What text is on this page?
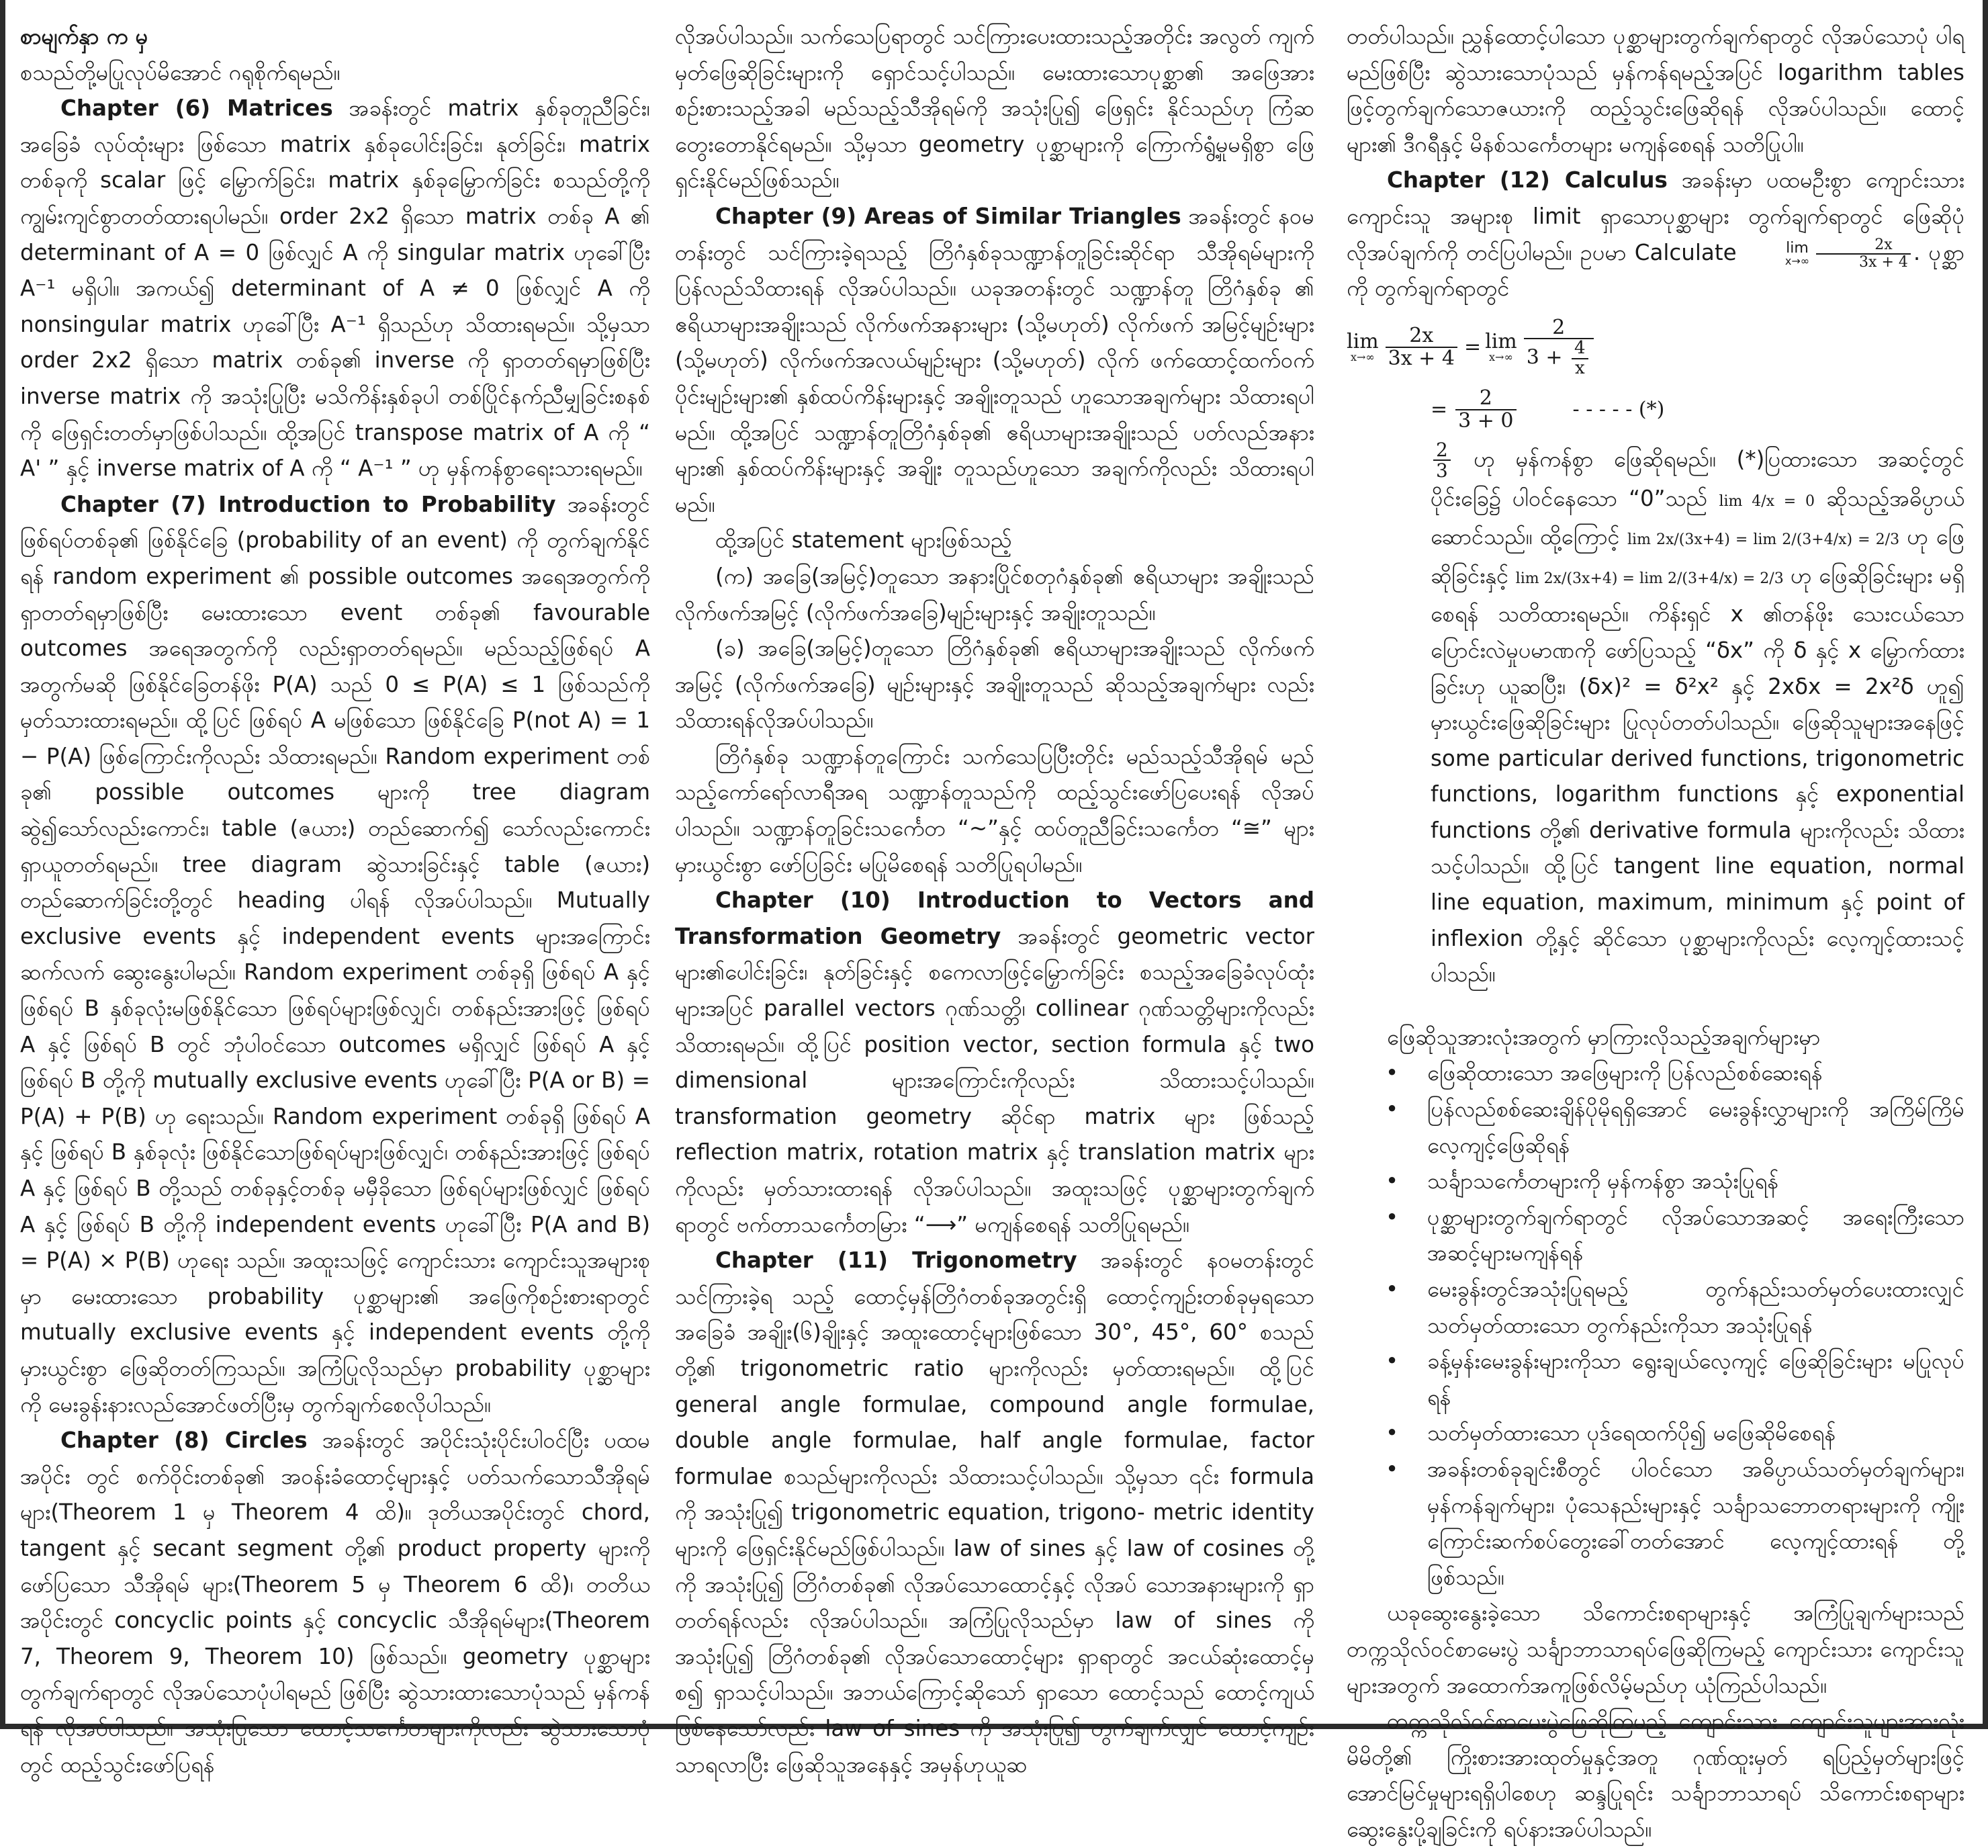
စာမျက်နှာ က မှ

စသည်တို့မပြုလုပ်မိအောင် ဂရုစိုက်ရမည်။

Chapter (6) Matrices အခန်းတွင် matrix နှစ်ခုတူညီခြင်း၊ အခြေခံ လုပ်ထုံးများ ဖြစ်သော matrix နှစ်ခုပေါင်းခြင်း၊ နုတ်ခြင်း၊ matrix တစ်ခုကို scalar ဖြင့် မြှောက်ခြင်း၊ matrix နှစ်ခုမြှောက်ခြင်း စသည်တို့ကို ကျွမ်းကျင်စွာတတ်ထားရပါမည်။ order 2x2 ရှိသော matrix တစ်ခု A ၏ determinant of A = 0 ဖြစ်လျှင် A ကို singular matrix ဟုခေါ်ပြီး A⁻¹ မရှိပါ။ အကယ်၍ determinant of A ≠ 0 ဖြစ်လျှင် A ကို nonsingular matrix ဟုခေါ်ပြီး A⁻¹ ရှိသည်ဟု သိထားရမည်။ သို့မှသာ order 2x2 ရှိသော matrix တစ်ခု၏ inverse ကို ရှာတတ်ရမှာဖြစ်ပြီး inverse matrix ကို အသုံးပြုပြီး မသိကိန်းနှစ်ခုပါ တစ်ပြိုင်နက်ညီမျှခြင်းစနစ်ကို ဖြေရှင်းတတ်မှာဖြစ်ပါသည်။ ထို့အပြင် transpose matrix of A ကို “ A' ” နှင့် inverse matrix of A ကို “ A⁻¹ ” ဟု မှန်ကန်စွာရေးသားရမည်။

Chapter (7) Introduction to Probability အခန်းတွင် ဖြစ်ရပ်တစ်ခု၏ ဖြစ်နိုင်ခြေ (probability of an event) ကို တွက်ချက်နိုင်ရန် random experiment ၏ possible outcomes အရေအတွက်ကို ရှာတတ်ရမှာဖြစ်ပြီး မေးထားသော event တစ်ခု၏ favourable outcomes အရေအတွက်ကို လည်းရှာတတ်ရမည်။ မည်သည့်ဖြစ်ရပ် A အတွက်မဆို ဖြစ်နိုင်ခြေတန်ဖိုး P(A) သည် 0 ≤ P(A) ≤ 1 ဖြစ်သည်ကို မှတ်သားထားရမည်။ ထို့ပြင် ဖြစ်ရပ် A မဖြစ်သော ဖြစ်နိုင်ခြေ P(not A) = 1 − P(A) ဖြစ်ကြောင်းကိုလည်း သိထားရမည်။ Random experiment တစ်ခု၏ possible outcomes များကို tree diagram ဆွဲ၍သော်လည်းကောင်း၊ table (ဇယား) တည်ဆောက်၍ သော်လည်းကောင်း ရှာယူတတ်ရမည်။ tree diagram ဆွဲသားခြင်းနှင့် table (ဇယား) တည်ဆောက်ခြင်းတို့တွင် heading ပါရန် လိုအပ်ပါသည်။ Mutually exclusive events နှင့် independent events များအကြောင်း ဆက်လက် ဆွေးနွေးပါမည်။ Random experiment တစ်ခုရှိ ဖြစ်ရပ် A နှင့် ဖြစ်ရပ် B နှစ်ခုလုံးမဖြစ်နိုင်သော ဖြစ်ရပ်များဖြစ်လျှင်၊ တစ်နည်းအားဖြင့် ဖြစ်ရပ် A နှင့် ဖြစ်ရပ် B တွင် ဘုံပါဝင်သော outcomes မရှိလျှင် ဖြစ်ရပ် A နှင့် ဖြစ်ရပ် B တို့ကို mutually exclusive events ဟုခေါ်ပြီး P(A or B) = P(A) + P(B) ဟု ရေးသည်။ Random experiment တစ်ခုရှိ ဖြစ်ရပ် A နှင့် ဖြစ်ရပ် B နှစ်ခုလုံး ဖြစ်နိုင်သောဖြစ်ရပ်များဖြစ်လျှင်၊ တစ်နည်းအားဖြင့် ဖြစ်ရပ် A နှင့် ဖြစ်ရပ် B တို့သည် တစ်ခုနှင့်တစ်ခု မမှီခိုသော ဖြစ်ရပ်များဖြစ်လျှင် ဖြစ်ရပ် A နှင့် ဖြစ်ရပ် B တို့ကို independent events ဟုခေါ်ပြီး P(A and B) = P(A) × P(B) ဟုရေး သည်။ အထူးသဖြင့် ကျောင်းသား ကျောင်းသူအများစုမှာ မေးထားသော probability ပုစ္ဆာများ၏ အဖြေကိုစဉ်းစားရာတွင် mutually exclusive events နှင့် independent events တို့ကို မှားယွင်းစွာ ဖြေဆိုတတ်ကြသည်။ အကြံပြုလိုသည်မှာ probability ပုစ္ဆာများကို မေးခွန်းနားလည်အောင်ဖတ်ပြီးမှ တွက်ချက်စေလိုပါသည်။

Chapter (8) Circles အခန်းတွင် အပိုင်းသုံးပိုင်းပါဝင်ပြီး ပထမအပိုင်း တွင် စက်ဝိုင်းတစ်ခု၏ အဝန်းခံထောင့်များနှင့် ပတ်သက်သောသီအိုရမ် များ(Theorem 1 မှ Theorem 4 ထိ)။ ဒုတိယအပိုင်းတွင် chord, tangent နှင့် secant segment တို့၏ product property များကိုဖော်ပြသော သီအိုရမ် များ(Theorem 5 မှ Theorem 6 ထိ)၊ တတိယအပိုင်းတွင် concyclic points နှင့် concyclic သီအိုရမ်များ(Theorem 7, Theorem 9, Theorem 10) ဖြစ်သည်။ geometry ပုစ္ဆာများ တွက်ချက်ရာတွင် လိုအပ်သောပုံပါရမည် ဖြစ်ပြီး ဆွဲသားထားသောပုံသည် မှန်ကန်ရန် လိုအပ်ပါသည်။ အသုံးပြုသော ထောင့်သင်္ကေတများကိုလည်း ဆွဲသားသောပုံတွင် ထည့်သွင်းဖော်ပြရန်

လိုအပ်ပါသည်။ သက်သေပြရာတွင် သင်ကြားပေးထားသည့်အတိုင်း အလွတ် ကျက်မှတ်ဖြေဆိုခြင်းများကို ရှောင်သင့်ပါသည်။ မေးထားသောပုစ္ဆာ၏ အဖြေအား စဉ်းစားသည့်အခါ မည်သည့်သီအိုရမ်ကို အသုံးပြု၍ ဖြေရှင်း နိုင်သည်ဟု ကြံဆတွေးတောနိုင်ရမည်။ သို့မှသာ geometry ပုစ္ဆာများကို ကြောက်ရွံ့မှုမရှိစွာ ဖြေရှင်းနိုင်မည်ဖြစ်သည်။

Chapter (9) Areas of Similar Triangles အခန်းတွင် နဝမတန်းတွင် သင်ကြားခဲ့ရသည့် တြိဂံနှစ်ခုသဏ္ဍာန်တူခြင်းဆိုင်ရာ သီအိုရမ်များကို ပြန်လည်သိထားရန် လိုအပ်ပါသည်။ ယခုအတန်းတွင် သဏ္ဍာန်တူ တြိဂံနှစ်ခု ၏ ဧရိယာများအချိုးသည် လိုက်ဖက်အနားများ (သို့မဟုတ်) လိုက်ဖက် အမြင့်မျဉ်းများ (သို့မဟုတ်) လိုက်ဖက်အလယ်မျဉ်းများ (သို့မဟုတ်) လိုက် ဖက်ထောင့်ထက်ဝက်ပိုင်းမျဉ်းများ၏ နှစ်ထပ်ကိန်းများနှင့် အချိုးတူသည် ဟူသောအချက်များ သိထားရပါမည်။ ထို့အပြင် သဏ္ဍာန်တူတြိဂံနှစ်ခု၏ ဧရိယာများအချိုးသည် ပတ်လည်အနားများ၏ နှစ်ထပ်ကိန်းများနှင့် အချိုး တူသည်ဟူသော အချက်ကိုလည်း သိထားရပါမည်။

ထို့အပြင် statement များဖြစ်သည့်

(က) အခြေ(အမြင့်)တူသော အနားပြိုင်စတုဂံနှစ်ခု၏ ဧရိယာများ အချိုးသည် လိုက်ဖက်အမြင့် (လိုက်ဖက်အခြေ)မျဉ်းများနှင့် အချိုးတူသည်။

(ခ) အခြေ(အမြင့်)တူသော တြိဂံနှစ်ခု၏ ဧရိယာများအချိုးသည် လိုက်ဖက် အမြင့် (လိုက်ဖက်အခြေ) မျဉ်းများနှင့် အချိုးတူသည် ဆိုသည့်အချက်များ လည်း သိထားရန်လိုအပ်ပါသည်။

တြိဂံနှစ်ခု သဏ္ဍာန်တူကြောင်း သက်သေပြပြီးတိုင်း မည်သည့်သီအိုရမ် မည်သည့်ကော်ရော်လာရီအရ သဏ္ဍာန်တူသည်ကို ထည့်သွင်းဖော်ပြပေးရန် လိုအပ်ပါသည်။ သဏ္ဍာန်တူခြင်းသင်္ကေတ “~”နှင့် ထပ်တူညီခြင်းသင်္ကေတ “≅” များ မှားယွင်းစွာ ဖော်ပြခြင်း မပြုမိစေရန် သတိပြုရပါမည်။

Chapter (10) Introduction to Vectors and Transformation Geometry အခန်းတွင် geometric vector များ၏ပေါင်းခြင်း၊ နုတ်ခြင်းနှင့် စကေလာဖြင့်မြှောက်ခြင်း စသည့်အခြေခံလုပ်ထုံးများအပြင် parallel vectors ဂုဏ်သတ္တိ၊ collinear ဂုဏ်သတ္တိများကိုလည်း သိထားရမည်။ ထို့ပြင် position vector, section formula နှင့် two dimensional များအကြောင်းကိုလည်း သိထားသင့်ပါသည်။ transformation geometry ဆိုင်ရာ matrix များ ဖြစ်သည့် reflection matrix, rotation matrix နှင့် translation matrix များ ကိုလည်း မှတ်သားထားရန် လိုအပ်ပါသည်။ အထူးသဖြင့် ပုစ္ဆာများတွက်ချက် ရာတွင် ဗက်တာသင်္ကေတမြား “⟶” မကျန်စေရန် သတိပြုရမည်။

Chapter (11) Trigonometry အခန်းတွင် နဝမတန်းတွင် သင်ကြားခဲ့ရ သည့် ထောင့်မှန်တြိဂံတစ်ခုအတွင်းရှိ ထောင့်ကျဉ်းတစ်ခုမှရသော အခြေခံ အချိုး(၆)ချိုးနှင့် အထူးထောင့်များဖြစ်သော 30°, 45°, 60° စသည်တို့၏ trigonometric ratio များကိုလည်း မှတ်ထားရမည်။ ထို့ပြင် general angle formulae, compound angle formulae, double angle formulae, half angle formulae, factor formulae စသည်များကိုလည်း သိထားသင့်ပါသည်။ သို့မှသာ ၎င်း formula ကို အသုံးပြု၍ trigonometric equation, trigono- metric identity များကို ဖြေရှင်းနိုင်မည်ဖြစ်ပါသည်။ law of sines နှင့် law of cosines တို့ကို အသုံးပြု၍ တြိဂံတစ်ခု၏ လိုအပ်သောထောင့်နှင့် လိုအပ် သောအနားများကို ရှာတတ်ရန်လည်း လိုအပ်ပါသည်။ အကြံပြုလိုသည်မှာ law of sines ကို အသုံးပြု၍ တြိဂံတစ်ခု၏ လိုအပ်သောထောင့်များ ရှာရာတွင် အငယ်ဆုံးထောင့်မှစ၍ ရှာသင့်ပါသည်။ အဘယ်ကြောင့်ဆိုသော် ရှာသော ထောင့်သည် ထောင့်ကျယ်ဖြစ်နေသော်လည်း law of sines ကို အသုံးပြု၍ တွက်ချက်လျှင် ထောင့်ကျဉ်းသာရလာပြီး ဖြေဆိုသူအနေနှင့် အမှန်ဟုယူဆ

တတ်ပါသည်။ ညွှန်ထောင့်ပါသော ပုစ္ဆာများတွက်ချက်ရာတွင် လိုအပ်သောပုံ ပါရမည်ဖြစ်ပြီး ဆွဲသားသောပုံသည် မှန်ကန်ရမည့်အပြင် logarithm tables ဖြင့်တွက်ချက်သောဇယားကို ထည့်သွင်းဖြေဆိုရန် လိုအပ်ပါသည်။ ထောင့် များ၏ ဒီဂရီနှင့် မိနစ်သင်္ကေတများ မကျန်စေရန် သတိပြုပါ။

Chapter (12) Calculus အခန်းမှာ ပထမဦးစွာ ကျောင်းသားကျောင်းသူ အများစု limit ရှာသောပုစ္ဆာများ တွက်ချက်ရာတွင် ဖြေဆိုပုံလိုအပ်ချက်ကို တင်ပြပါမည်။ ဥပမာ Calculate	lim
$x\to\infty \frac{2x}{3x + 4}$ . ပုစ္ဆာကို တွက်ချက်ရာတွင်

lim
$x\to\infty \frac{2x}{3x + 4} = \lim$
$x\to\infty \frac{2}{3 + \frac{4}{x}}$
= $\frac{2}{3 + 0}$	- - - - - (*)

$\frac{2}{3}$ ဟု မှန်ကန်စွာ ဖြေဆိုရမည်။ (*)ပြထားသော အဆင့်တွင် ပိုင်းခြေ၌ ပါဝင်နေသော “0”သည် lim 4/x = 0 ဆိုသည့်အဓိပ္ပာယ်ဆောင်သည်။ ထို့ကြောင့် lim 2x/(3x+4) = lim 2/(3+4/x) = 2/3 ဟု ဖြေဆိုခြင်းနှင့် lim 2x/(3x+4) = lim 2/(3+4/x) = 2/3 ဟု ဖြေဆိုခြင်းများ မရှိစေရန် သတိထားရမည်။ ကိန်းရှင် x ၏တန်ဖိုး သေးငယ်သော ပြောင်းလဲမှုပမာဏကို ဖော်ပြသည့် “δx” ကို δ နှင့် x မြှောက်ထားခြင်းဟု ယူဆပြီး၊ (δx)² = δ²x² နှင့် 2xδx = 2x²δ ဟူ၍ မှားယွင်းဖြေဆိုခြင်းများ ပြုလုပ်တတ်ပါသည်။ ဖြေဆိုသူများအနေဖြင့် some particular derived functions, trigonometric functions, logarithm functions နှင့် exponential functions တို့၏ derivative formula များကိုလည်း သိထားသင့်ပါသည်။ ထို့ပြင် tangent line equation, normal line equation, maximum, minimum နှင့် point of inflexion တို့နှင့် ဆိုင်သော ပုစ္ဆာများကိုလည်း လေ့ကျင့်ထားသင့်ပါသည်။

ဖြေဆိုသူအားလုံးအတွက် မှာကြားလိုသည့်အချက်များမှာ

• ဖြေဆိုထားသော အဖြေများကို ပြန်လည်စစ်ဆေးရန်
• ပြန်လည်စစ်ဆေးချိန်ပိုမိုရရှိအောင် မေးခွန်းလွှာများကို အကြိမ်ကြိမ် လေ့ကျင့်ဖြေဆိုရန်
• သင်္ချာသင်္ကေတများကို မှန်ကန်စွာ အသုံးပြုရန်
• ပုစ္ဆာများတွက်ချက်ရာတွင် လိုအပ်သောအဆင့် အရေးကြီးသော အဆင့်များမကျန်ရန်
• မေးခွန်းတွင်အသုံးပြုရမည့် တွက်နည်းသတ်မှတ်ပေးထားလျှင် သတ်မှတ်ထားသော တွက်နည်းကိုသာ အသုံးပြုရန်
• ခန့်မှန်းမေးခွန်းများကိုသာ ရွေးချယ်လေ့ကျင့် ဖြေဆိုခြင်းများ မပြုလုပ်ရန်
• သတ်မှတ်ထားသော ပုဒ်ရေထက်ပို၍ မဖြေဆိုမိစေရန်
• အခန်းတစ်ခုချင်းစီတွင် ပါဝင်သော အဓိပ္ပာယ်သတ်မှတ်ချက်များ၊ မှန်ကန်ချက်များ၊ ပုံသေနည်းများနှင့် သင်္ချာသဘောတရားများကို ကျိုးကြောင်းဆက်စပ်တွေးခေါ်တတ်အောင် လေ့ကျင့်ထားရန် တို့ဖြစ်သည်။

ယခုဆွေးနွေးခဲ့သော သိကောင်းစရာများနှင့် အကြံပြုချက်များသည် တက္ကသိုလ်ဝင်စာမေးပွဲ သင်္ချာဘာသာရပ်ဖြေဆိုကြမည့် ကျောင်းသား ကျောင်းသူများအတွက် အထောက်အကူဖြစ်လိမ့်မည်ဟု ယုံကြည်ပါသည်။

တက္ကသိုလ်ဝင်စာမေးပွဲဖြေဆိုကြမည့် ကျောင်းသား ကျောင်းသူများအားလုံး မိမိတို့၏ ကြိုးစားအားထုတ်မှုနှင့်အတူ ဂုဏ်ထူးမှတ် ရပြည့်မှတ်များဖြင့် အောင်မြင်မှုများရရှိပါစေဟု ဆန္ဒပြုရင်း သင်္ချာဘာသာရပ် သိကောင်းစရာများ ဆွေးနွေးပို့ချခြင်းကို ရပ်နားအပ်ပါသည်။
